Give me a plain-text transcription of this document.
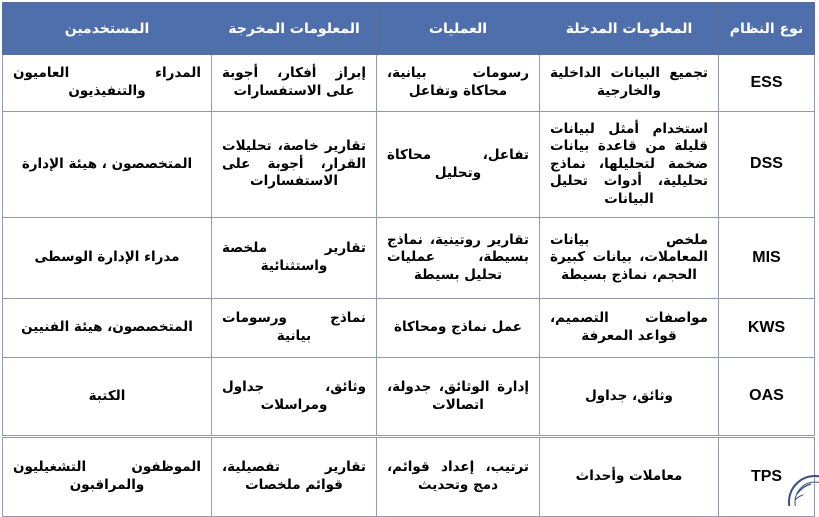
نوع النظام	المعلومات المدخلة	العمليات	المعلومات المخرجة	المستخدمين
ESS	تجميع البيانات الداخلية والخارجية	رسومات بيانية، محاكاة وتفاعل	إبراز أفكار، أجوبة على الاستفسارات	المدراء العاميون والتنفيذيون
DSS	استخدام أمثل لبيانات قليلة من قاعدة بيانات ضخمة لتحليلها، نماذج تحليلية، أدوات تحليل البيانات	تفاعل، محاكاة وتحليل	تقارير خاصة، تحليلات القرار، أجوبة على الاستفسارات	المتخصصون ، هيئة الإدارة
MIS	ملخص بيانات المعاملات، بيانات كبيرة الحجم، نماذج بسيطة	تقارير روتينية، نماذج بسيطة، عمليات تحليل بسيطة	تقارير ملخصة واستثنائية	مدراء الإدارة الوسطى
KWS	مواصفات التصميم، قواعد المعرفة	عمل نماذج ومحاكاة	نماذج ورسومات بيانية	المتخصصون، هيئة الفنيين
OAS	وثائق، جداول	إدارة الوثائق، جدولة، اتصالات	وثائق، جداول ومراسلات	الكتبة
TPS	معاملات وأحداث	ترتيب، إعداد قوائم، دمج وتحديث	تقارير تفصيلية، قوائم ملخصات	الموظفون التشغيليون والمراقبون
